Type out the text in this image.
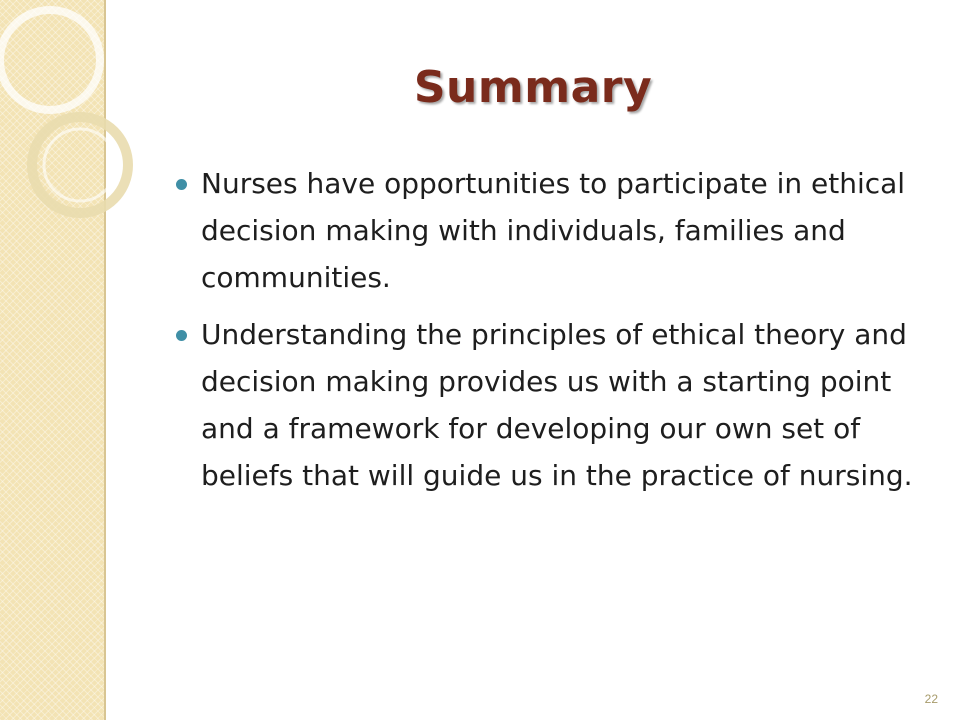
Summary
Nurses have opportunities to participate in ethical decision making with individuals, families and communities.
Understanding the principles of ethical theory and decision making provides us with a starting point and a framework for developing our own set of beliefs that will guide us in the practice of nursing.
22
